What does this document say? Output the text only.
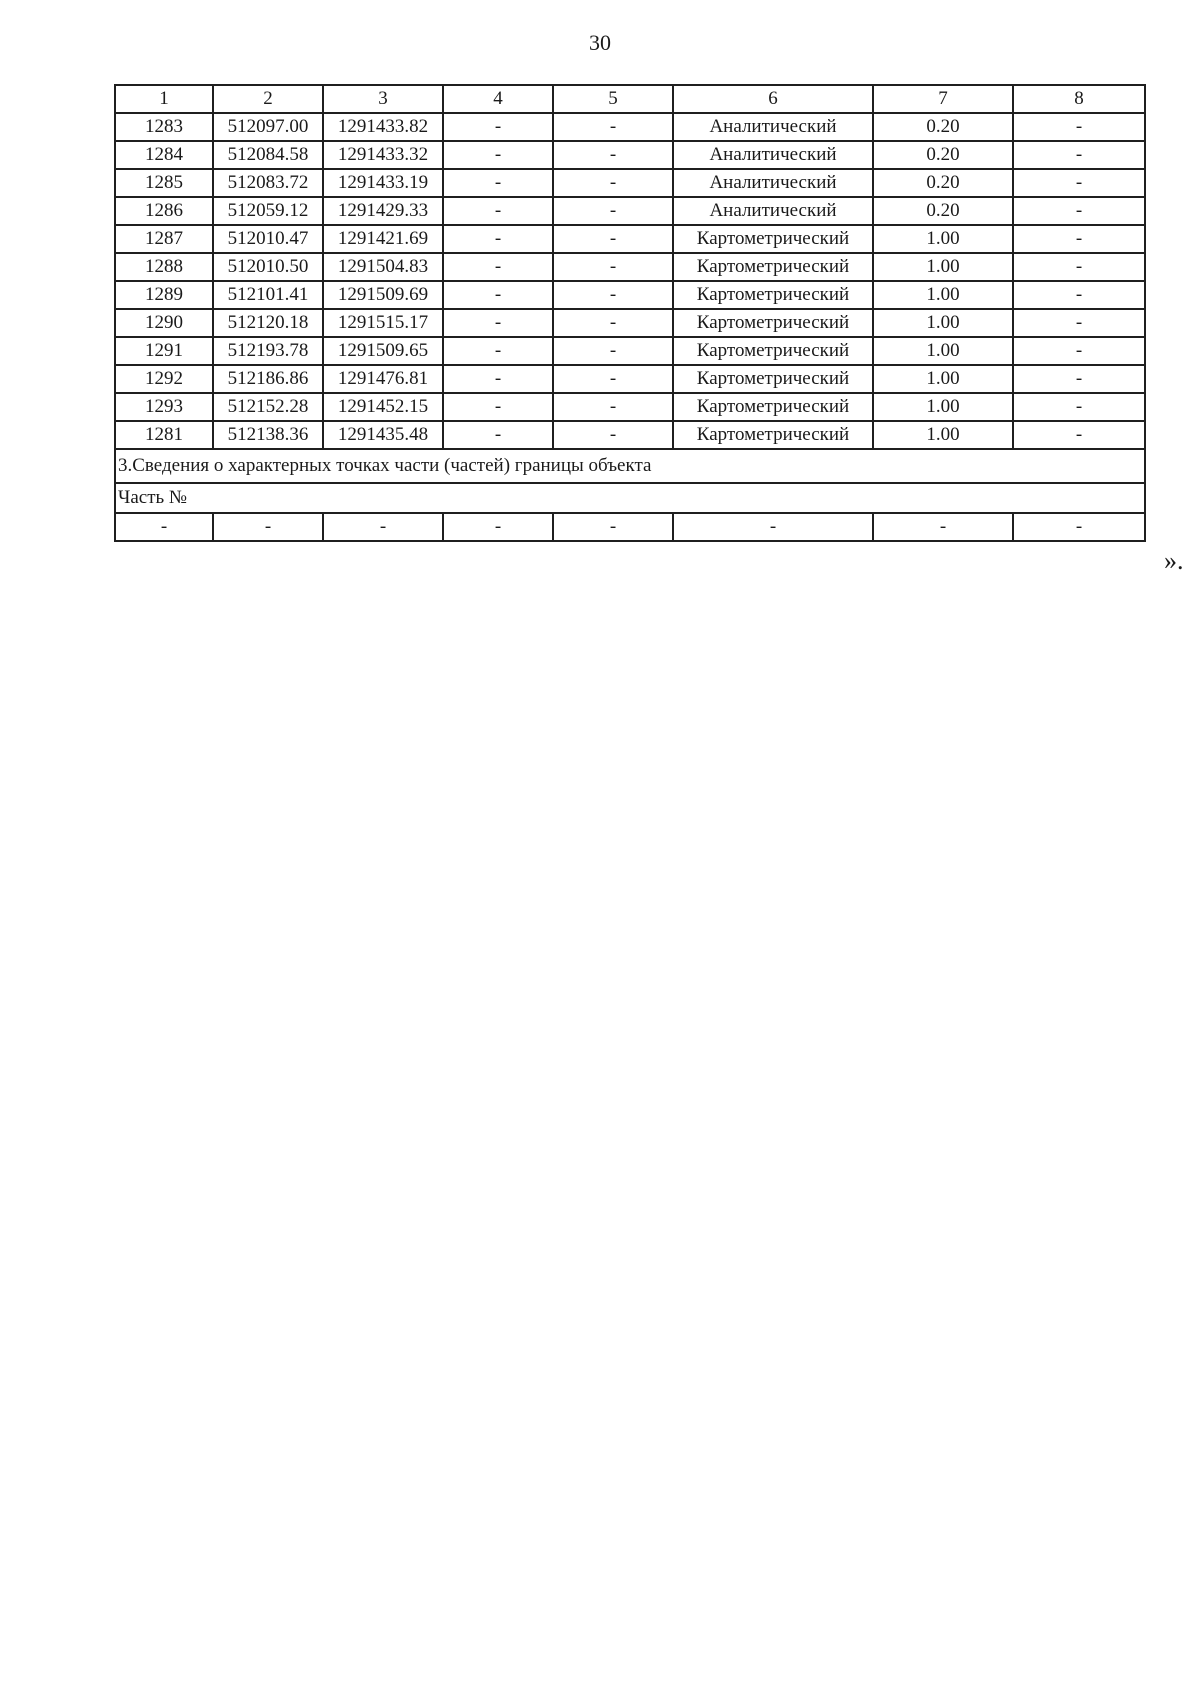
30
1	2	3	4	5	6	7	8
1283	512097.00	1291433.82	-	-	Аналитический	0.20	-
1284	512084.58	1291433.32	-	-	Аналитический	0.20	-
1285	512083.72	1291433.19	-	-	Аналитический	0.20	-
1286	512059.12	1291429.33	-	-	Аналитический	0.20	-
1287	512010.47	1291421.69	-	-	Картометрический	1.00	-
1288	512010.50	1291504.83	-	-	Картометрический	1.00	-
1289	512101.41	1291509.69	-	-	Картометрический	1.00	-
1290	512120.18	1291515.17	-	-	Картометрический	1.00	-
1291	512193.78	1291509.65	-	-	Картометрический	1.00	-
1292	512186.86	1291476.81	-	-	Картометрический	1.00	-
1293	512152.28	1291452.15	-	-	Картометрический	1.00	-
1281	512138.36	1291435.48	-	-	Картометрический	1.00	-
3.Сведения о характерных точках части (частей) границы объекта							
Часть №							
-	-	-	-	-	-	-	-
».
